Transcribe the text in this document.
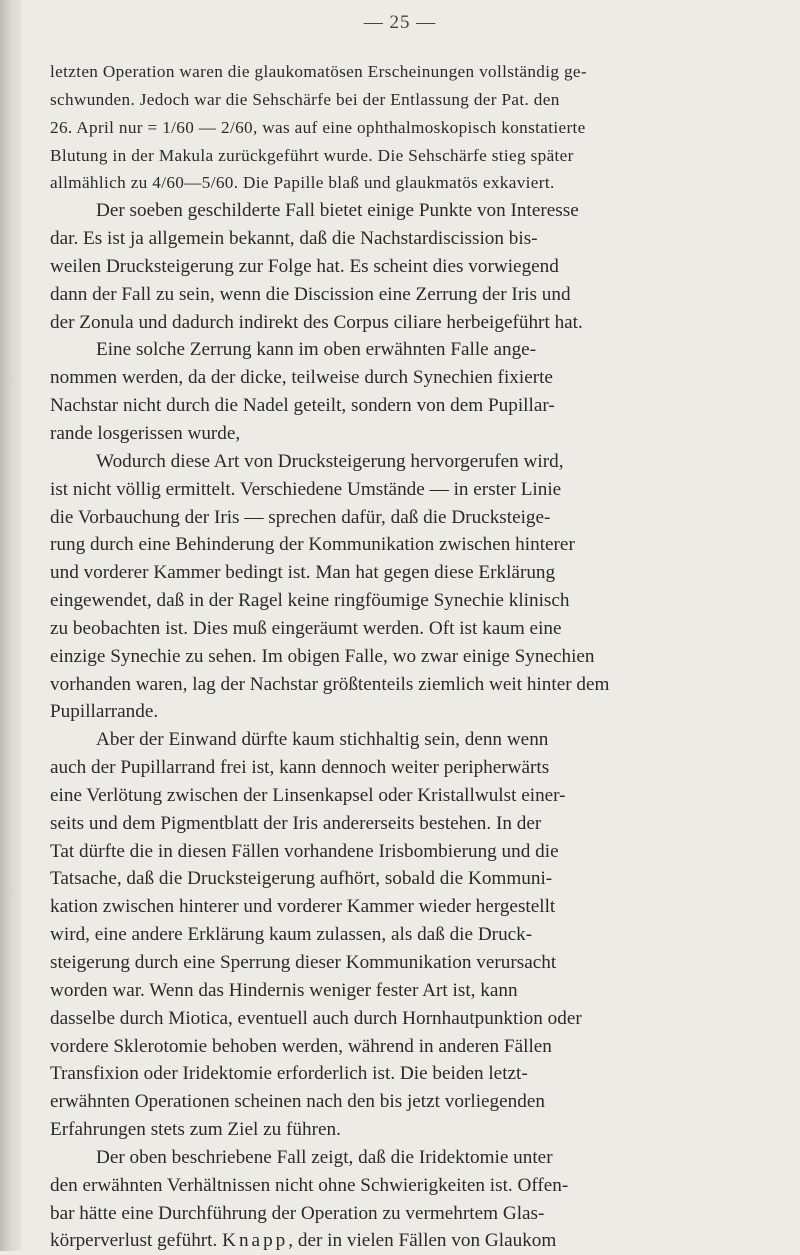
— 25 —
letzten Operation waren die glaukomatösen Erscheinungen vollständig ge-
schwunden. Jedoch war die Sehschärfe bei der Entlassung der Pat. den
26. April nur = 1/60 — 2/60, was auf eine ophthalmoskopisch konstatierte
Blutung in der Makula zurückgeführt wurde. Die Sehschärfe stieg später
allmählich zu 4/60—5/60. Die Papille blaß und glaukmatös exkaviert.
Der soeben geschilderte Fall bietet einige Punkte von Interesse
dar. Es ist ja allgemein bekannt, daß die Nachstardiscission bis-
weilen Drucksteigerung zur Folge hat. Es scheint dies vorwiegend
dann der Fall zu sein, wenn die Discission eine Zerrung der Iris und
der Zonula und dadurch indirekt des Corpus ciliare herbeigeführt hat.
Eine solche Zerrung kann im oben erwähnten Falle ange-
nommen werden, da der dicke, teilweise durch Synechien fixierte
Nachstar nicht durch die Nadel geteilt, sondern von dem Pupillar-
rande losgerissen wurde,
Wodurch diese Art von Drucksteigerung hervorgerufen wird,
ist nicht völlig ermittelt. Verschiedene Umstände — in erster Linie
die Vorbauchung der Iris — sprechen dafür, daß die Drucksteige-
rung durch eine Behinderung der Kommunikation zwischen hinterer
und vorderer Kammer bedingt ist. Man hat gegen diese Erklärung
eingewendet, daß in der Ragel keine ringföumige Synechie klinisch
zu beobachten ist. Dies muß eingeräumt werden. Oft ist kaum eine
einzige Synechie zu sehen. Im obigen Falle, wo zwar einige Synechien
vorhanden waren, lag der Nachstar größtenteils ziemlich weit hinter dem
Pupillarrande.
Aber der Einwand dürfte kaum stichhaltig sein, denn wenn
auch der Pupillarrand frei ist, kann dennoch weiter peripherwärts
eine Verlötung zwischen der Linsenkapsel oder Kristallwulst einer-
seits und dem Pigmentblatt der Iris andererseits bestehen. In der
Tat dürfte die in diesen Fällen vorhandene Irisbombierung und die
Tatsache, daß die Drucksteigerung aufhört, sobald die Kommuni-
kation zwischen hinterer und vorderer Kammer wieder hergestellt
wird, eine andere Erklärung kaum zulassen, als daß die Druck-
steigerung durch eine Sperrung dieser Kommunikation verursacht
worden war. Wenn das Hindernis weniger fester Art ist, kann
dasselbe durch Miotica, eventuell auch durch Hornhautpunktion oder
vordere Sklerotomie behoben werden, während in anderen Fällen
Transfixion oder Iridektomie erforderlich ist. Die beiden letzt-
erwähnten Operationen scheinen nach den bis jetzt vorliegenden
Erfahrungen stets zum Ziel zu führen.
Der oben beschriebene Fall zeigt, daß die Iridektomie unter
den erwähnten Verhältnissen nicht ohne Schwierigkeiten ist. Offen-
bar hätte eine Durchführung der Operation zu vermehrtem Glas-
körperverlust geführt. Knapp, der in vielen Fällen von Glaukom
